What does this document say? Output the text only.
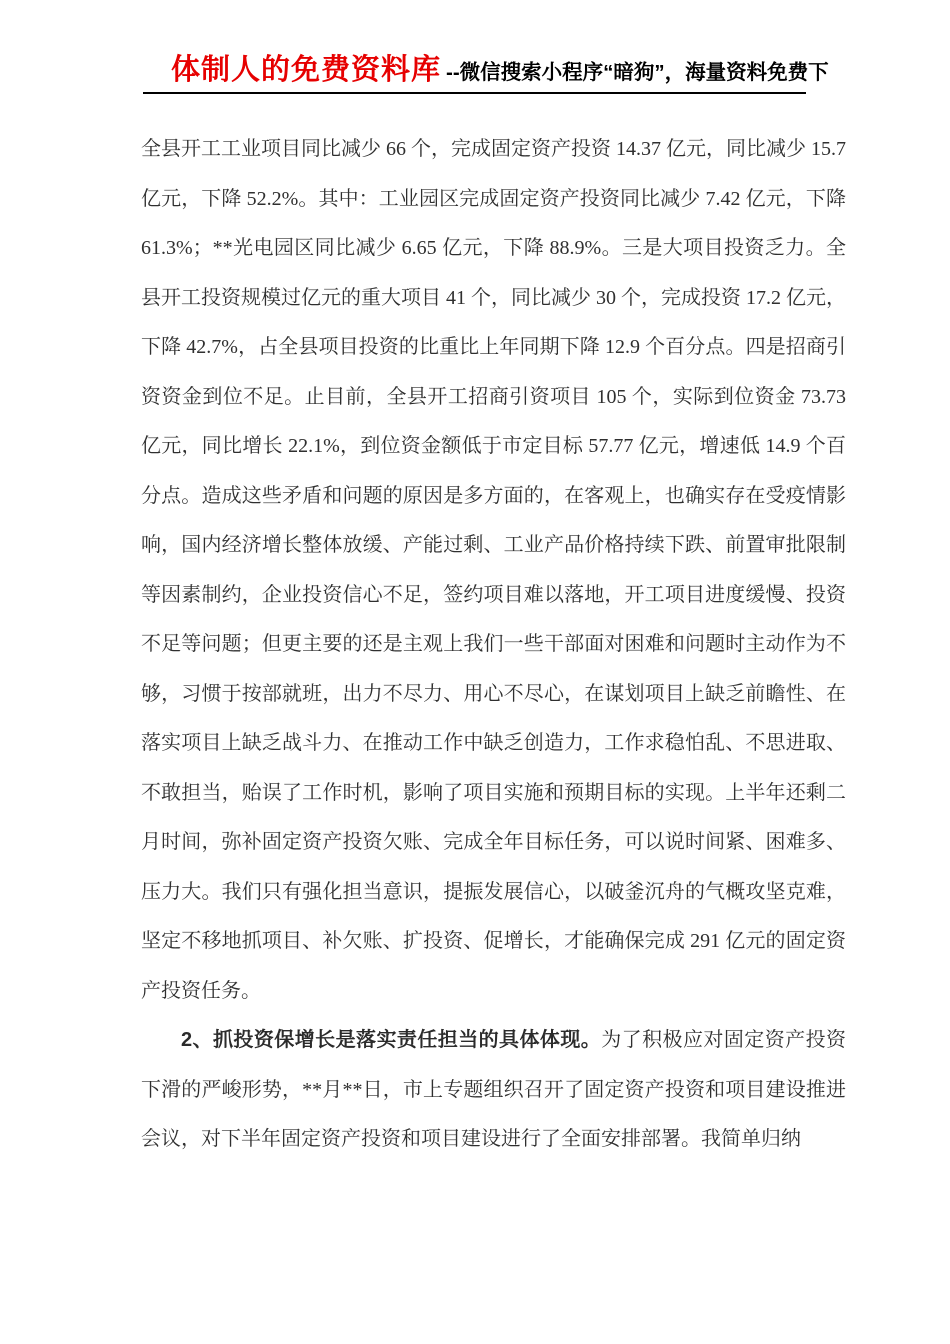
体制人的免费资料库 --微信搜索小程序“暗狗”，海量资料免费下

全县开工工业项目同比减少 66 个，完成固定资产投资 14.37 亿元，同比减少 15.7 亿元，下降 52.2%。其中：工业园区完成固定资产投资同比减少 7.42 亿元，下降 61.3%；**光电园区同比减少 6.65 亿元，下降 88.9%。三是大项目投资乏力。全县开工投资规模过亿元的重大项目 41 个，同比减少 30 个，完成投资 17.2 亿元，下降 42.7%，占全县项目投资的比重比上年同期下降 12.9 个百分点。四是招商引资资金到位不足。止目前，全县开工招商引资项目 105 个，实际到位资金 73.73 亿元，同比增长 22.1%，到位资金额低于市定目标 57.77 亿元，增速低 14.9 个百分点。造成这些矛盾和问题的原因是多方面的，在客观上，也确实存在受疫情影响，国内经济增长整体放缓、产能过剩、工业产品价格持续下跌、前置审批限制等因素制约，企业投资信心不足，签约项目难以落地，开工项目进度缓慢、投资不足等问题；但更主要的还是主观上我们一些干部面对困难和问题时主动作为不够，习惯于按部就班，出力不尽力、用心不尽心，在谋划项目上缺乏前瞻性、在落实项目上缺乏战斗力、在推动工作中缺乏创造力，工作求稳怕乱、不思进取、不敢担当，贻误了工作时机，影响了项目实施和预期目标的实现。上半年还剩二月时间，弥补固定资产投资欠账、完成全年目标任务，可以说时间紧、困难多、压力大。我们只有强化担当意识，提振发展信心，以破釜沉舟的气概攻坚克难，坚定不移地抓项目、补欠账、扩投资、促增长，才能确保完成 291 亿元的固定资产投资任务。

2、抓投资保增长是落实责任担当的具体体现。为了积极应对固定资产投资下滑的严峻形势，**月**日，市上专题组织召开了固定资产投资和项目建设推进会议，对下半年固定资产投资和项目建设进行了全面安排部署。我简单归纳
